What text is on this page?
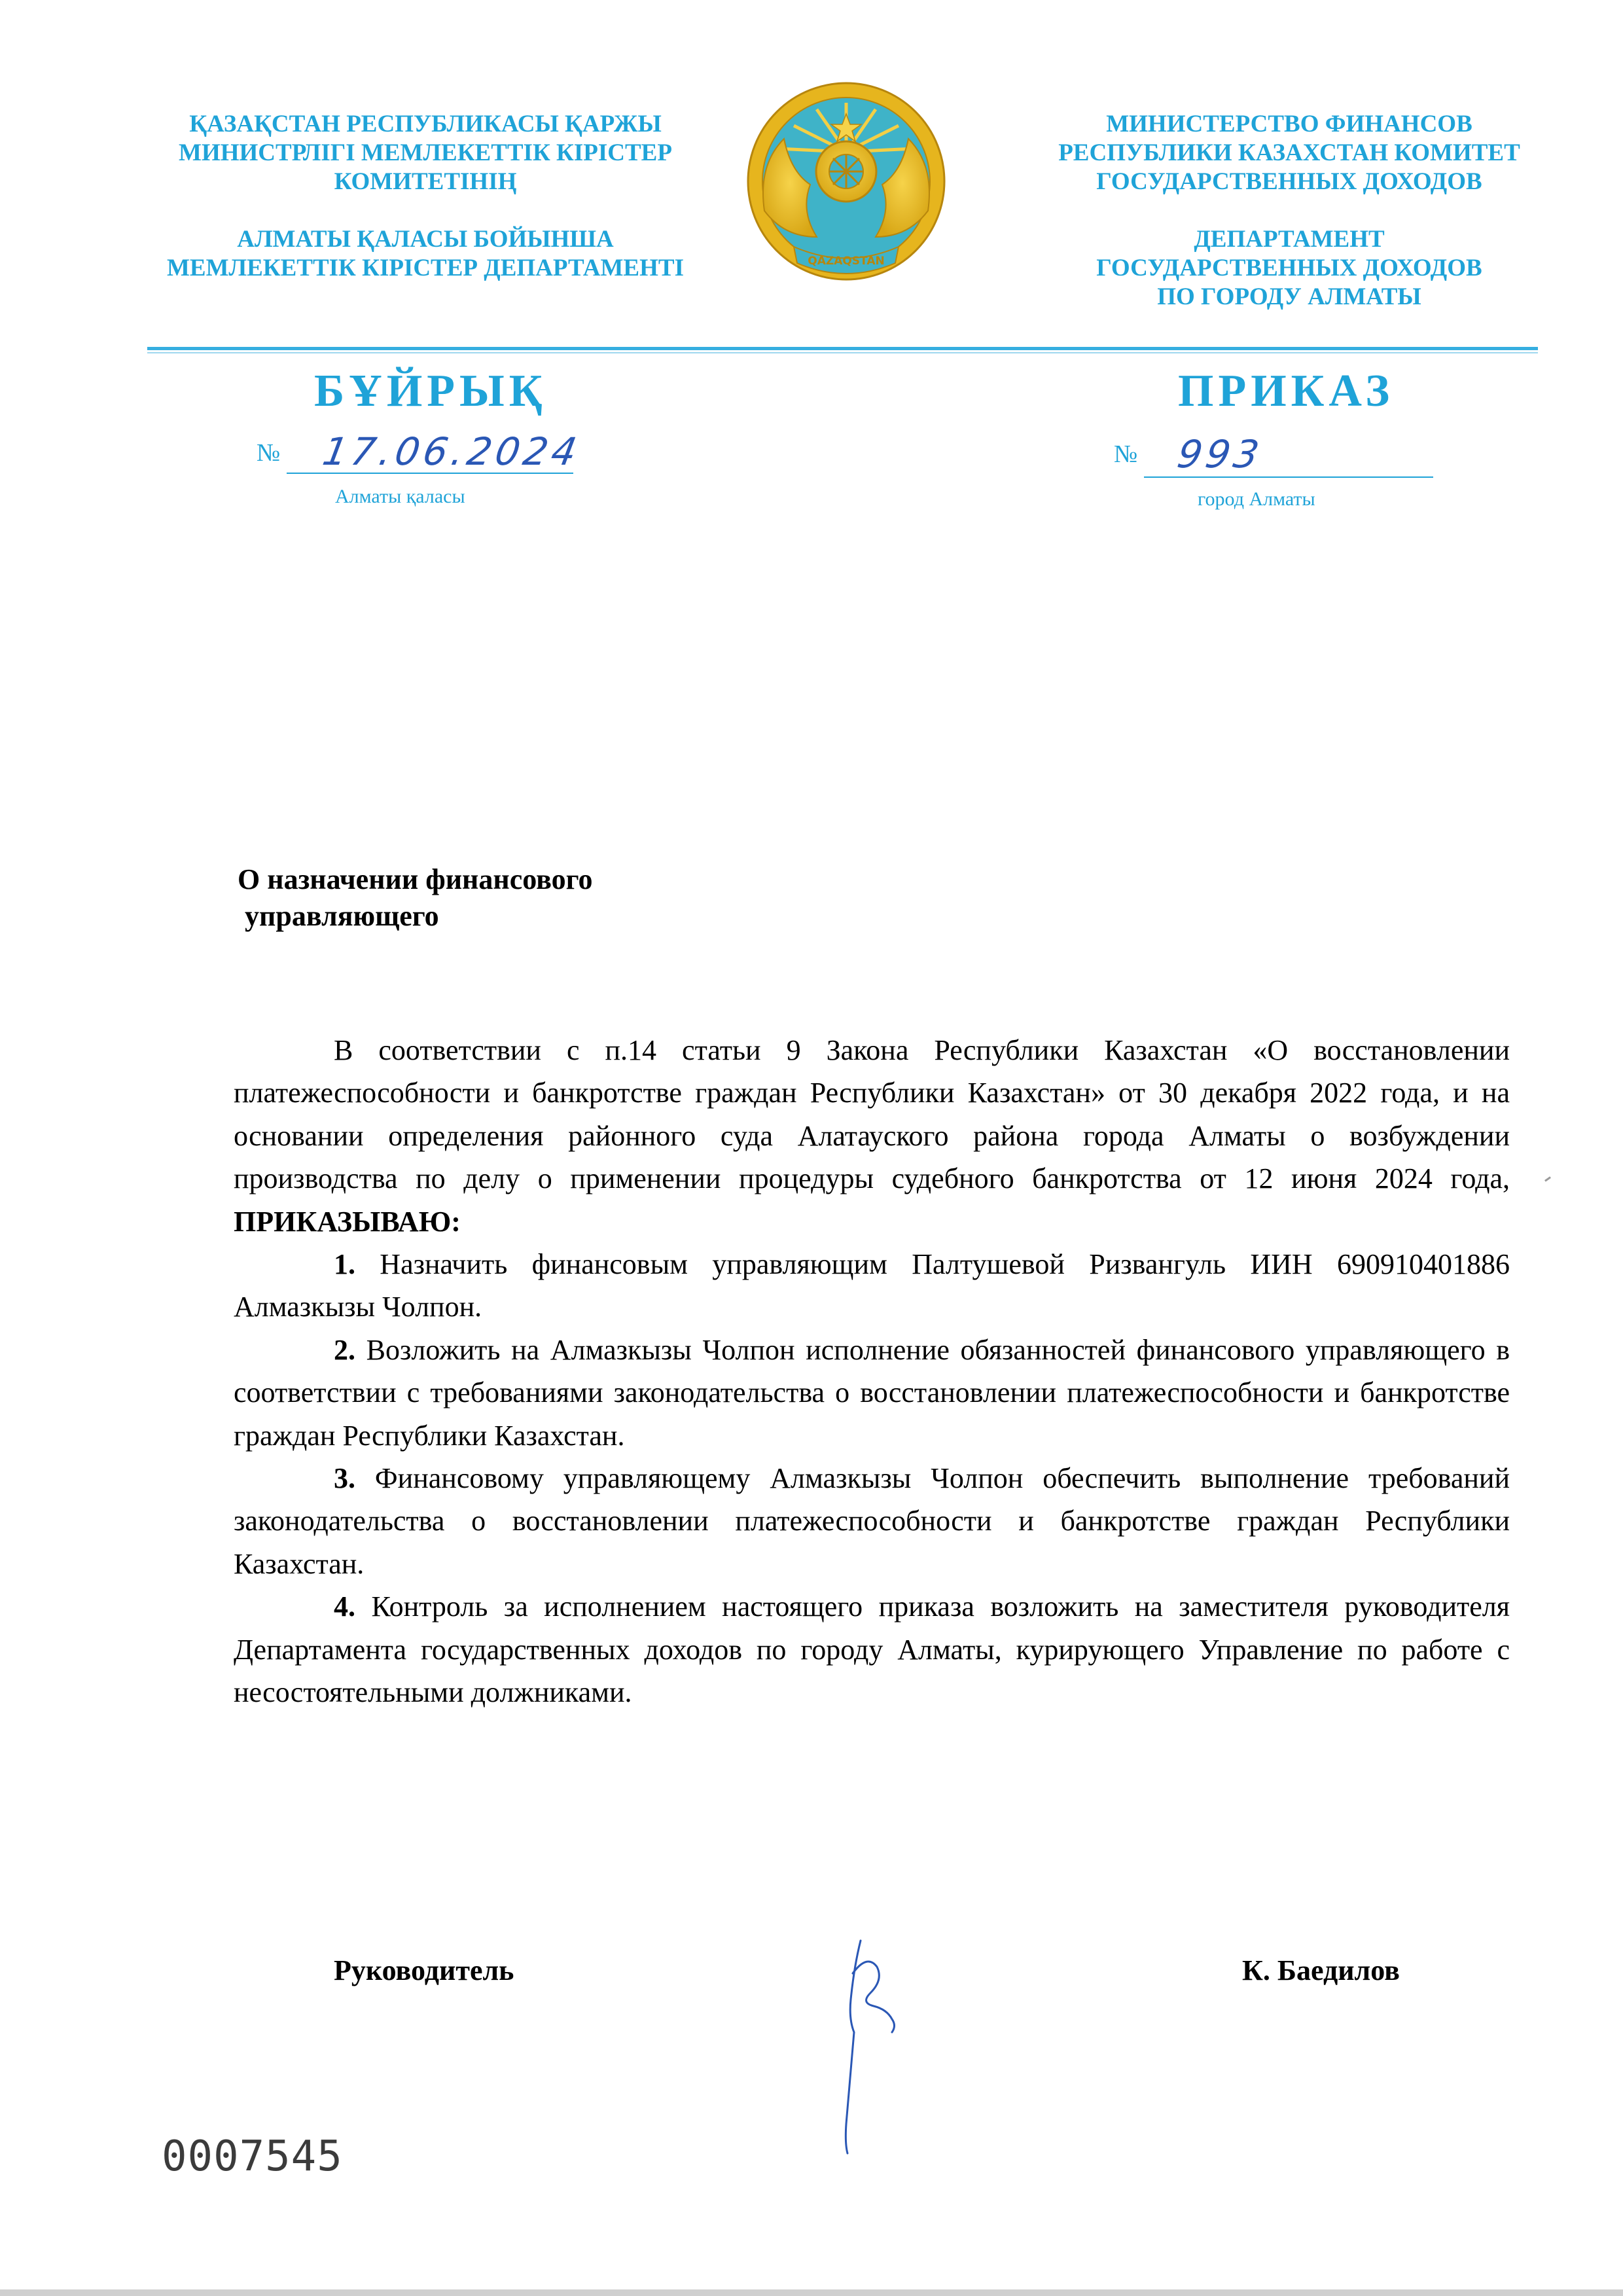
ҚАЗАҚСТАН РЕСПУБЛИКАСЫ ҚАРЖЫ
МИНИСТРЛІГІ МЕМЛЕКЕТТІК КІРІСТЕР
КОМИТЕТІНІҢ
АЛМАТЫ ҚАЛАСЫ БОЙЫНША
МЕМЛЕКЕТТІК КІРІСТЕР ДЕПАРТАМЕНТІ	QAZAQSTAN
МИНИСТЕРСТВО ФИНАНСОВ
РЕСПУБЛИКИ КАЗАХСТАН КОМИТЕТ
ГОСУДАРСТВЕННЫХ ДОХОДОВ
ДЕПАРТАМЕНТ
ГОСУДАРСТВЕННЫХ ДОХОДОВ
ПО ГОРОДУ АЛМАТЫ
БҰЙРЫҚ	ПРИКАЗ
№ 17.06.2024	№ 993
Алматы қаласы	город Алматы
О назначении финансового
управляющего

В соответствии с п.14 статьи 9 Закона Республики Казахстан «О восстановлении платежеспособности и банкротстве граждан Республики Казахстан» от 30 декабря 2022 года, и на основании определения районного суда Алатауского района города Алматы о возбуждении производства по делу о применении процедуры судебного банкротства от 12 июня 2024 года,

ПРИКАЗЫВАЮ:

1. Назначить финансовым управляющим Палтушевой Ризвангуль ИИН 690910401886 Алмазкызы Чолпон.

2. Возложить на Алмазкызы Чолпон исполнение обязанностей финансового управляющего в соответствии с требованиями законодательства о восстановлении платежеспособности и банкротстве граждан Республики Казахстан.

3. Финансовому управляющему Алмазкызы Чолпон обеспечить выполнение требований законодательства о восстановлении платежеспособности и банкротстве граждан Республики Казахстан.

4. Контроль за исполнением настоящего приказа возложить на заместителя руководителя Департамента государственных доходов по городу Алматы, курирующего Управление по работе с несостоятельными должниками.

Руководитель	К. Баедилов
0007545
